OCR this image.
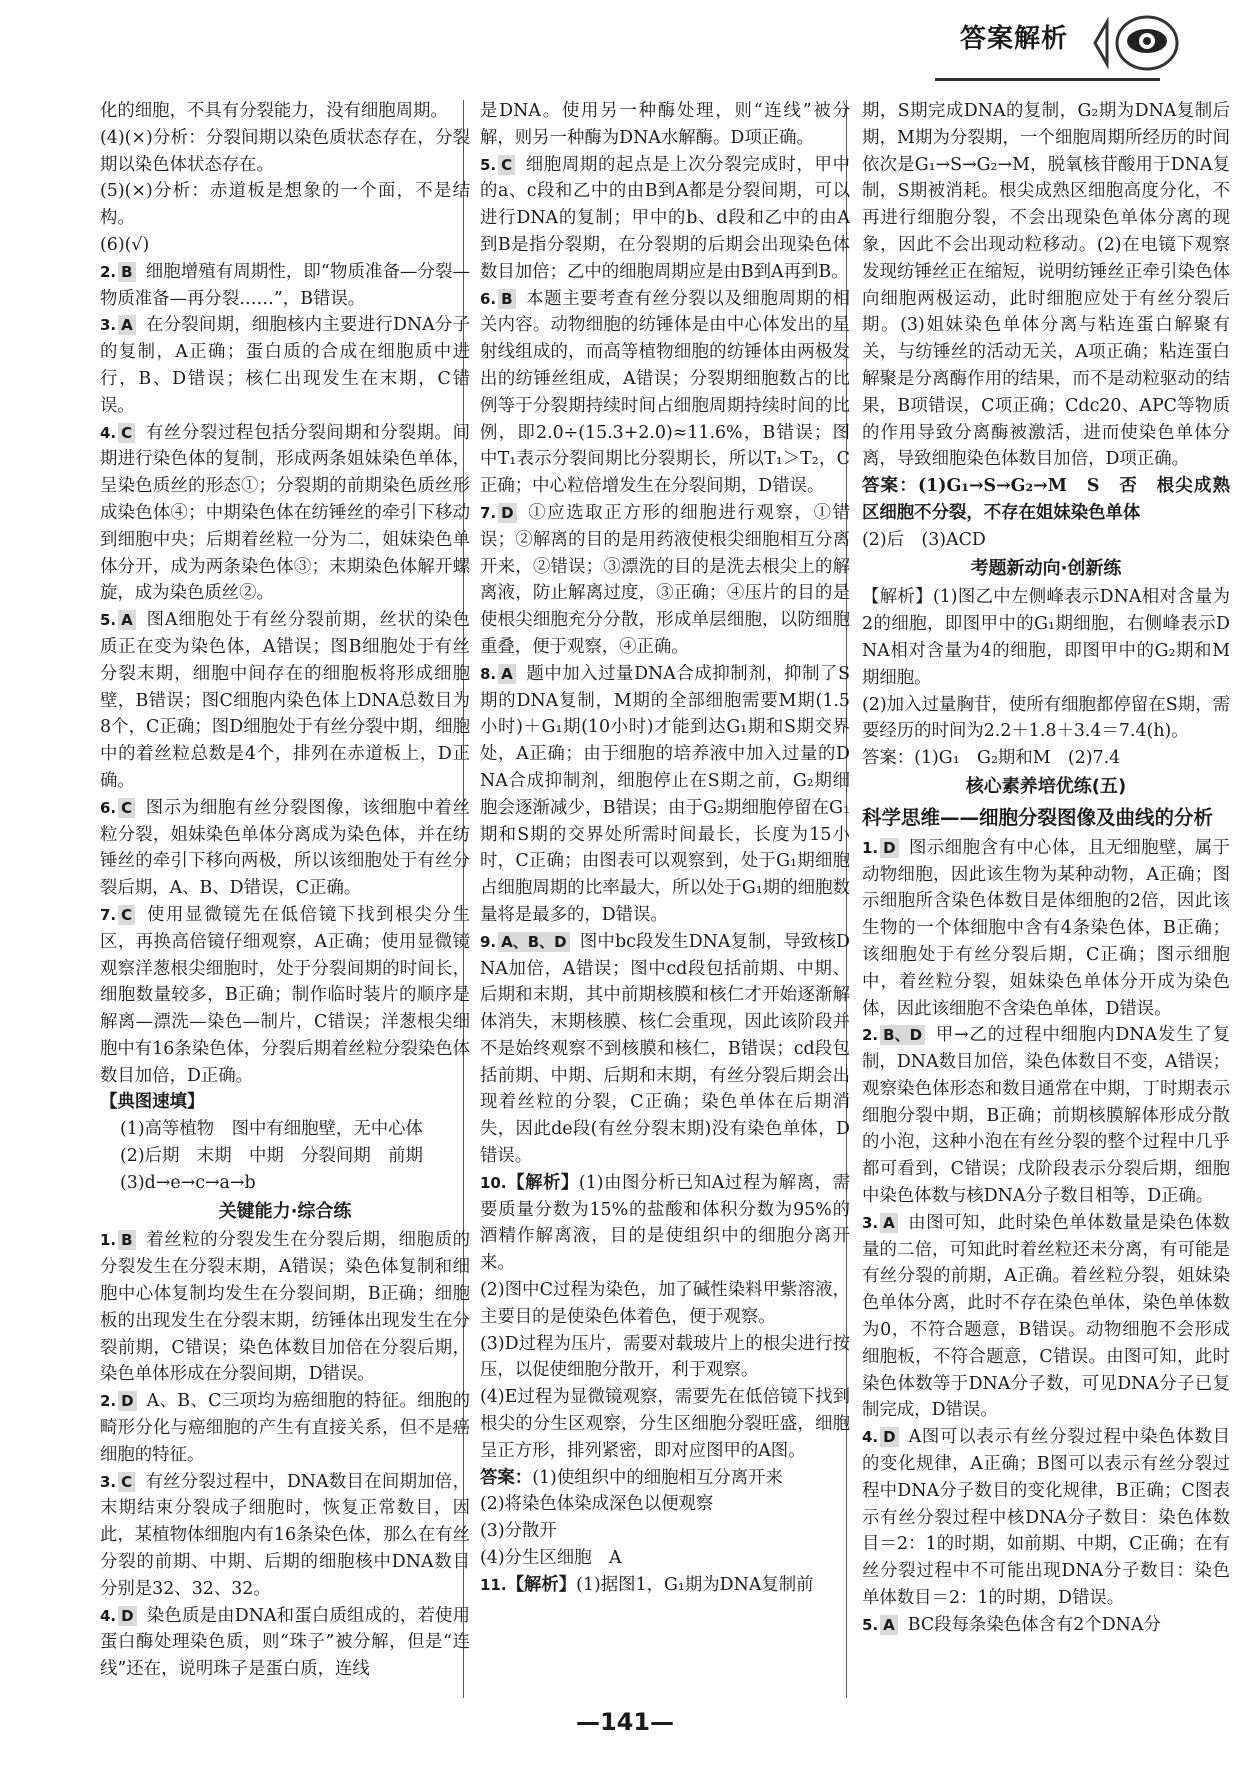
答案解析

化的细胞，不具有分裂能力，没有细胞周期。

(4)(×)分析：分裂间期以染色质状态存在，分裂期以染色体状态存在。

(5)(×)分析：赤道板是想象的一个面，不是结构。

(6)(√)

2. B 细胞增殖有周期性，即“物质准备—分裂—物质准备—再分裂……”，B错误。

3. A 在分裂间期，细胞核内主要进行DNA分子的复制，A正确；蛋白质的合成在细胞质中进行，B、D错误；核仁出现发生在末期，C错误。

4. C 有丝分裂过程包括分裂间期和分裂期。间期进行染色体的复制，形成两条姐妹染色单体，呈染色质丝的形态①；分裂期的前期染色质丝形成染色体④；中期染色体在纺锤丝的牵引下移动到细胞中央；后期着丝粒一分为二，姐妹染色单体分开，成为两条染色体③；末期染色体解开螺旋，成为染色质丝②。

5. A 图A细胞处于有丝分裂前期，丝状的染色质正在变为染色体，A错误；图B细胞处于有丝分裂末期，细胞中间存在的细胞板将形成细胞壁，B错误；图C细胞内染色体上DNA总数目为8个，C正确；图D细胞处于有丝分裂中期，细胞中的着丝粒总数是4个，排列在赤道板上，D正确。

6. C 图示为细胞有丝分裂图像，该细胞中着丝粒分裂，姐妹染色单体分离成为染色体，并在纺锤丝的牵引下移向两极，所以该细胞处于有丝分裂后期，A、B、D错误，C正确。

7. C 使用显微镜先在低倍镜下找到根尖分生区，再换高倍镜仔细观察，A正确；使用显微镜观察洋葱根尖细胞时，处于分裂间期的时间长，细胞数量较多，B正确；制作临时装片的顺序是解离—漂洗—染色—制片，C错误；洋葱根尖细胞中有16条染色体，分裂后期着丝粒分裂染色体数目加倍，D正确。

【典图速填】

(1)高等植物　图中有细胞壁，无中心体

(2)后期　末期　中期　分裂间期　前期

(3)d→e→c→a→b

关键能力·综合练

1. B 着丝粒的分裂发生在分裂后期，细胞质的分裂发生在分裂末期，A错误；染色体复制和细胞中心体复制均发生在分裂间期，B正确；细胞板的出现发生在分裂末期，纺锤体出现发生在分裂前期，C错误；染色体数目加倍在分裂后期，染色单体形成在分裂间期，D错误。

2. D A、B、C三项均为癌细胞的特征。细胞的畸形分化与癌细胞的产生有直接关系，但不是癌细胞的特征。

3. C 有丝分裂过程中，DNA数目在间期加倍，末期结束分裂成子细胞时，恢复正常数目，因此，某植物体细胞内有16条染色体，那么在有丝分裂的前期、中期、后期的细胞核中DNA数目分别是32、32、32。

4. D 染色质是由DNA和蛋白质组成的，若使用蛋白酶处理染色质，则“珠子”被分解，但是“连线”还在，说明珠子是蛋白质，连线

是DNA。使用另一种酶处理，则“连线”被分解，则另一种酶为DNA水解酶。D项正确。

5. C 细胞周期的起点是上次分裂完成时，甲中的a、c段和乙中的由B到A都是分裂间期，可以进行DNA的复制；甲中的b、d段和乙中的由A到B是指分裂期，在分裂期的后期会出现染色体数目加倍；乙中的细胞周期应是由B到A再到B。

6. B 本题主要考查有丝分裂以及细胞周期的相关内容。动物细胞的纺锤体是由中心体发出的星射线组成的，而高等植物细胞的纺锤体由两极发出的纺锤丝组成，A错误；分裂期细胞数占的比例等于分裂期持续时间占细胞周期持续时间的比例，即2.0÷(15.3+2.0)≈11.6%，B错误；图中T₁表示分裂间期比分裂期长，所以T₁＞T₂，C正确；中心粒倍增发生在分裂间期，D错误。

7. D ①应选取正方形的细胞进行观察，①错误；②解离的目的是用药液使根尖细胞相互分离开来，②错误；③漂洗的目的是洗去根尖上的解离液，防止解离过度，③正确；④压片的目的是使根尖细胞充分分散，形成单层细胞，以防细胞重叠，便于观察，④正确。

8. A 题中加入过量DNA合成抑制剂，抑制了S期的DNA复制，M期的全部细胞需要M期(1.5小时)＋G₁期(10小时)才能到达G₁期和S期交界处，A正确；由于细胞的培养液中加入过量的DNA合成抑制剂，细胞停止在S期之前，G₂期细胞会逐渐减少，B错误；由于G₂期细胞停留在G₁期和S期的交界处所需时间最长，长度为15小时，C正确；由图表可以观察到，处于G₁期细胞占细胞周期的比率最大，所以处于G₁期的细胞数量将是最多的，D错误。

9. A、B、D 图中bc段发生DNA复制，导致核DNA加倍，A错误；图中cd段包括前期、中期、后期和末期，其中前期核膜和核仁才开始逐渐解体消失，末期核膜、核仁会重现，因此该阶段并不是始终观察不到核膜和核仁，B错误；cd段包括前期、中期、后期和末期，有丝分裂后期会出现着丝粒的分裂，C正确；染色单体在后期消失，因此de段(有丝分裂末期)没有染色单体，D错误。

10.【解析】(1)由图分析已知A过程为解离，需要质量分数为15%的盐酸和体积分数为95%的酒精作解离液，目的是使组织中的细胞分离开来。

(2)图中C过程为染色，加了碱性染料甲紫溶液，主要目的是使染色体着色，便于观察。

(3)D过程为压片，需要对载玻片上的根尖进行按压，以促使细胞分散开，利于观察。

(4)E过程为显微镜观察，需要先在低倍镜下找到根尖的分生区观察，分生区细胞分裂旺盛，细胞呈正方形，排列紧密，即对应图甲的A图。

答案：(1)使组织中的细胞相互分离开来

(2)将染色体染成深色以便观察

(3)分散开

(4)分生区细胞　A

11.【解析】(1)据图1，G₁期为DNA复制前

期，S期完成DNA的复制，G₂期为DNA复制后期，M期为分裂期，一个细胞周期所经历的时间依次是G₁→S→G₂→M，脱氧核苷酸用于DNA复制，S期被消耗。根尖成熟区细胞高度分化，不再进行细胞分裂，不会出现染色单体分离的现象，因此不会出现动粒移动。(2)在电镜下观察发现纺锤丝正在缩短，说明纺锤丝正牵引染色体向细胞两极运动，此时细胞应处于有丝分裂后期。(3)姐妹染色单体分离与粘连蛋白解聚有关，与纺锤丝的活动无关，A项正确；粘连蛋白解聚是分离酶作用的结果，而不是动粒驱动的结果，B项错误，C项正确；Cdc20、APC等物质的作用导致分离酶被激活，进而使染色单体分离，导致细胞染色体数目加倍，D项正确。

答案：(1)G₁→S→G₂→M　S　否　根尖成熟区细胞不分裂，不存在姐妹染色单体

(2)后　(3)ACD

考题新动向·创新练

【解析】(1)图乙中左侧峰表示DNA相对含量为2的细胞，即图甲中的G₁期细胞，右侧峰表示DNA相对含量为4的细胞，即图甲中的G₂期和M期细胞。

(2)加入过量胸苷，使所有细胞都停留在S期，需要经历的时间为2.2＋1.8＋3.4＝7.4(h)。

答案：(1)G₁　G₂期和M　(2)7.4

核心素养培优练(五)

科学思维——细胞分裂图像及曲线的分析

1. D 图示细胞含有中心体，且无细胞壁，属于动物细胞，因此该生物为某种动物，A正确；图示细胞所含染色体数目是体细胞的2倍，因此该生物的一个体细胞中含有4条染色体，B正确；该细胞处于有丝分裂后期，C正确；图示细胞中，着丝粒分裂，姐妹染色单体分开成为染色体，因此该细胞不含染色单体，D错误。

2. B、D 甲→乙的过程中细胞内DNA发生了复制，DNA数目加倍，染色体数目不变，A错误；观察染色体形态和数目通常在中期，丁时期表示细胞分裂中期，B正确；前期核膜解体形成分散的小泡，这种小泡在有丝分裂的整个过程中几乎都可看到，C错误；戊阶段表示分裂后期，细胞中染色体数与核DNA分子数目相等，D正确。

3. A 由图可知，此时染色单体数量是染色体数量的二倍，可知此时着丝粒还未分离，有可能是有丝分裂的前期，A正确。着丝粒分裂，姐妹染色单体分离，此时不存在染色单体，染色单体数为0，不符合题意，B错误。动物细胞不会形成细胞板，不符合题意，C错误。由图可知，此时染色体数等于DNA分子数，可见DNA分子已复制完成，D错误。

4. D A图可以表示有丝分裂过程中染色体数目的变化规律，A正确；B图可以表示有丝分裂过程中DNA分子数目的变化规律，B正确；C图表示有丝分裂过程中核DNA分子数目：染色体数目＝2：1的时期，如前期、中期，C正确；在有丝分裂过程中不可能出现DNA分子数目：染色单体数目＝2：1的时期，D错误。

5. A BC段每条染色体含有2个DNA分

—141—
